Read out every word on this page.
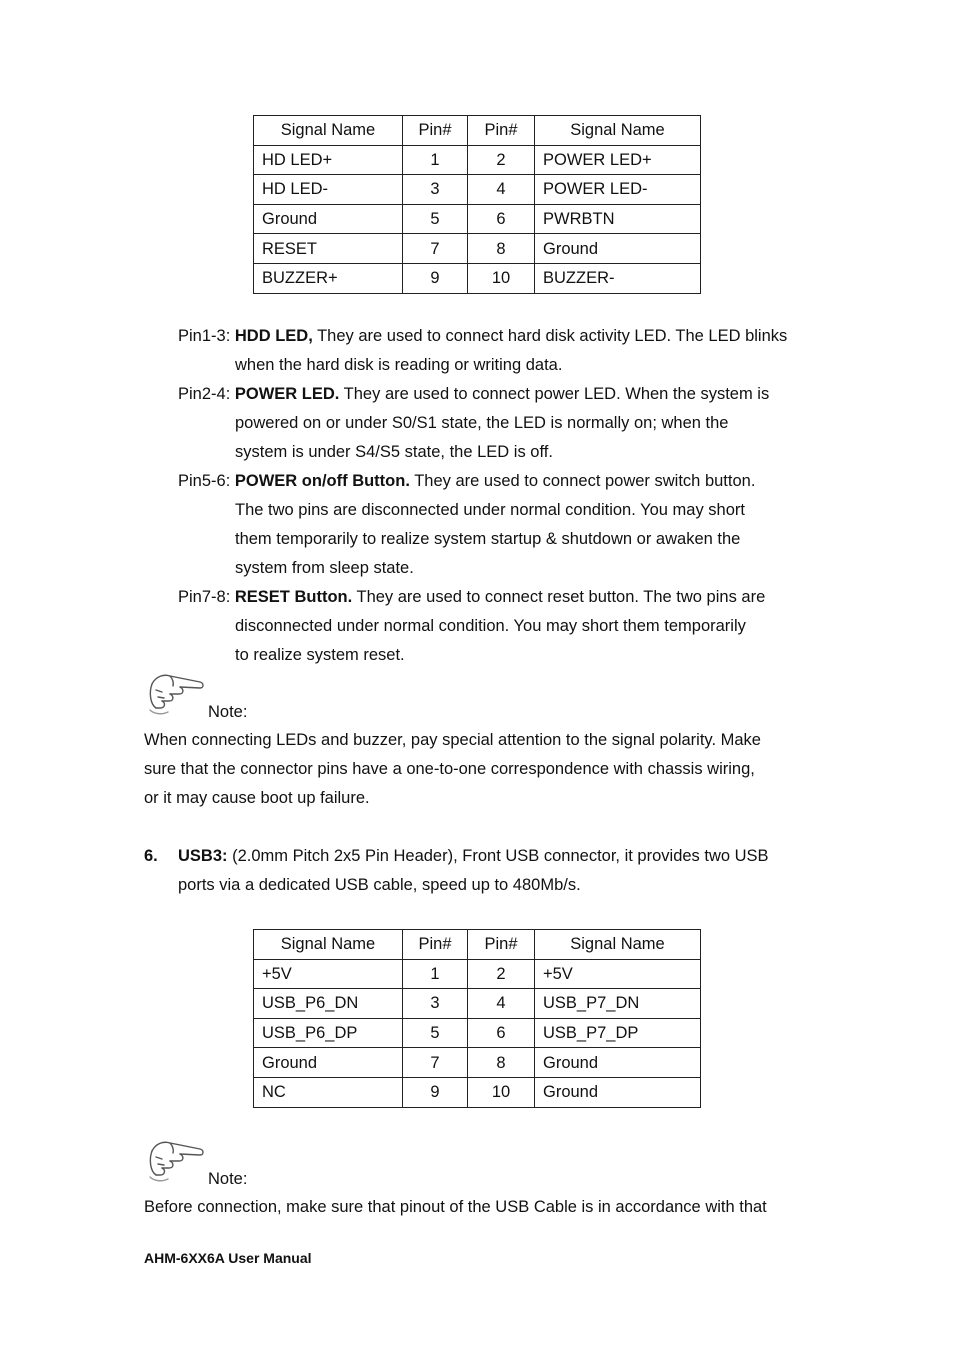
Signal Name	Pin#	Pin#	Signal Name
HD LED+	1	2	POWER LED+
HD LED-	3	4	POWER LED-
Ground	5	6	PWRBTN
RESET	7	8	Ground
BUZZER+	9	10	BUZZER-
Pin1-3: HDD LED, They are used to connect hard disk activity LED. The LED blinks
when the hard disk is reading or writing data.
Pin2-4: POWER LED. They are used to connect power LED. When the system is
powered on or under S0/S1 state, the LED is normally on; when the
system is under S4/S5 state, the LED is off.
Pin5-6: POWER on/off Button. They are used to connect power switch button.
The two pins are disconnected under normal condition. You may short
them temporarily to realize system startup & shutdown or awaken the
system from sleep state.
Pin7-8: RESET Button. They are used to connect reset button. The two pins are
disconnected under normal condition. You may short them temporarily
to realize system reset.
Note:
When connecting LEDs and buzzer, pay special attention to the signal polarity. Make
sure that the connector pins have a one-to-one correspondence with chassis wiring,
or it may cause boot up failure.
6. USB3: (2.0mm Pitch 2x5 Pin Header), Front USB connector, it provides two USB
ports via a dedicated USB cable, speed up to 480Mb/s.
Signal Name	Pin#	Pin#	Signal Name
+5V	1	2	+5V
USB_P6_DN	3	4	USB_P7_DN
USB_P6_DP	5	6	USB_P7_DP
Ground	7	8	Ground
NC	9	10	Ground
Note:
Before connection, make sure that pinout of the USB Cable is in accordance with that
AHM-6XX6A User Manual
